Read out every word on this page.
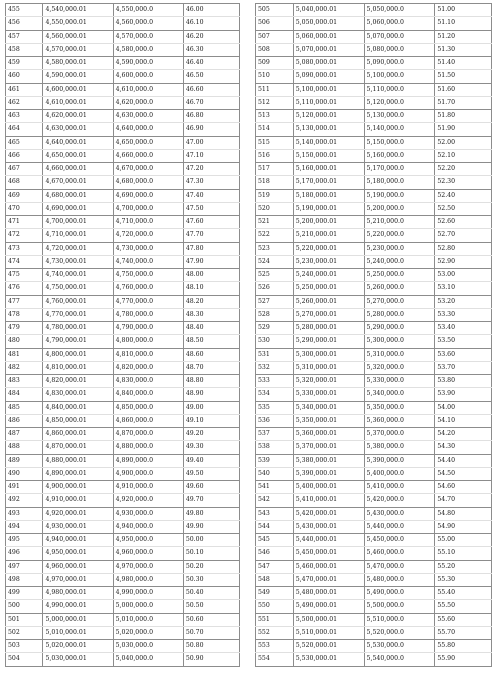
455	4,540,000.01	4,550,000.0	46.00
456	4,550,000.01	4,560,000.0	46.10
457	4,560,000.01	4,570,000.0	46.20
458	4,570,000.01	4,580,000.0	46.30
459	4,580,000.01	4,590,000.0	46.40
460	4,590,000.01	4,600,000.0	46.50
461	4,600,000.01	4,610,000.0	46.60
462	4,610,000.01	4,620,000.0	46.70
463	4,620,000.01	4,630,000.0	46.80
464	4,630,000.01	4,640,000.0	46.90
465	4,640,000.01	4,650,000.0	47.00
466	4,650,000.01	4,660,000.0	47.10
467	4,660,000.01	4,670,000.0	47.20
468	4,670,000.01	4,680,000.0	47.30
469	4,680,000.01	4,690,000.0	47.40
470	4,690,000.01	4,700,000.0	47.50
471	4,700,000.01	4,710,000.0	47.60
472	4,710,000.01	4,720,000.0	47.70
473	4,720,000.01	4,730,000.0	47.80
474	4,730,000.01	4,740,000.0	47.90
475	4,740,000.01	4,750,000.0	48.00
476	4,750,000.01	4,760,000.0	48.10
477	4,760,000.01	4,770,000.0	48.20
478	4,770,000.01	4,780,000.0	48.30
479	4,780,000.01	4,790,000.0	48.40
480	4,790,000.01	4,800,000.0	48.50
481	4,800,000.01	4,810,000.0	48.60
482	4,810,000.01	4,820,000.0	48.70
483	4,820,000.01	4,830,000.0	48.80
484	4,830,000.01	4,840,000.0	48.90
485	4,840,000.01	4,850,000.0	49.00
486	4,850,000.01	4,860,000.0	49.10
487	4,860,000.01	4,870,000.0	49.20
488	4,870,000.01	4,880,000.0	49.30
489	4,880,000.01	4,890,000.0	49.40
490	4,890,000.01	4,900,000.0	49.50
491	4,900,000.01	4,910,000.0	49.60
492	4,910,000.01	4,920,000.0	49.70
493	4,920,000.01	4,930,000.0	49.80
494	4,930,000.01	4,940,000.0	49.90
495	4,940,000.01	4,950,000.0	50.00
496	4,950,000.01	4,960,000.0	50.10
497	4,960,000.01	4,970,000.0	50.20
498	4,970,000.01	4,980,000.0	50.30
499	4,980,000.01	4,990,000.0	50.40
500	4,990,000.01	5,000,000.0	50.50
501	5,000,000.01	5,010,000.0	50.60
502	5,010,000.01	5,020,000.0	50.70
503	5,020,000.01	5,030,000.0	50.80
504	5,030,000.01	5,040,000.0	50.90
505	5,040,000.01	5,050,000.0	51.00
506	5,050,000.01	5,060,000.0	51.10
507	5,060,000.01	5,070,000.0	51.20
508	5,070,000.01	5,080,000.0	51.30
509	5,080,000.01	5,090,000.0	51.40
510	5,090,000.01	5,100,000.0	51.50
511	5,100,000.01	5,110,000.0	51.60
512	5,110,000.01	5,120,000.0	51.70
513	5,120,000.01	5,130,000.0	51.80
514	5,130,000.01	5,140,000.0	51.90
515	5,140,000.01	5,150,000.0	52.00
516	5,150,000.01	5,160,000.0	52.10
517	5,160,000.01	5,170,000.0	52.20
518	5,170,000.01	5,180,000.0	52.30
519	5,180,000.01	5,190,000.0	52.40
520	5,190,000.01	5,200,000.0	52.50
521	5,200,000.01	5,210,000.0	52.60
522	5,210,000.01	5,220,000.0	52.70
523	5,220,000.01	5,230,000.0	52.80
524	5,230,000.01	5,240,000.0	52.90
525	5,240,000.01	5,250,000.0	53.00
526	5,250,000.01	5,260,000.0	53.10
527	5,260,000.01	5,270,000.0	53.20
528	5,270,000.01	5,280,000.0	53.30
529	5,280,000.01	5,290,000.0	53.40
530	5,290,000.01	5,300,000.0	53.50
531	5,300,000.01	5,310,000.0	53.60
532	5,310,000.01	5,320,000.0	53.70
533	5,320,000.01	5,330,000.0	53.80
534	5,330,000.01	5,340,000.0	53.90
535	5,340,000.01	5,350,000.0	54.00
536	5,350,000.01	5,360,000.0	54.10
537	5,360,000.01	5,370,000.0	54.20
538	5,370,000.01	5,380,000.0	54.30
539	5,380,000.01	5,390,000.0	54.40
540	5,390,000.01	5,400,000.0	54.50
541	5,400,000.01	5,410,000.0	54.60
542	5,410,000.01	5,420,000.0	54.70
543	5,420,000.01	5,430,000.0	54.80
544	5,430,000.01	5,440,000.0	54.90
545	5,440,000.01	5,450,000.0	55.00
546	5,450,000.01	5,460,000.0	55.10
547	5,460,000.01	5,470,000.0	55.20
548	5,470,000.01	5,480,000.0	55.30
549	5,480,000.01	5,490,000.0	55.40
550	5,490,000.01	5,500,000.0	55.50
551	5,500,000.01	5,510,000.0	55.60
552	5,510,000.01	5,520,000.0	55.70
553	5,520,000.01	5,530,000.0	55.80
554	5,530,000.01	5,540,000.0	55.90
